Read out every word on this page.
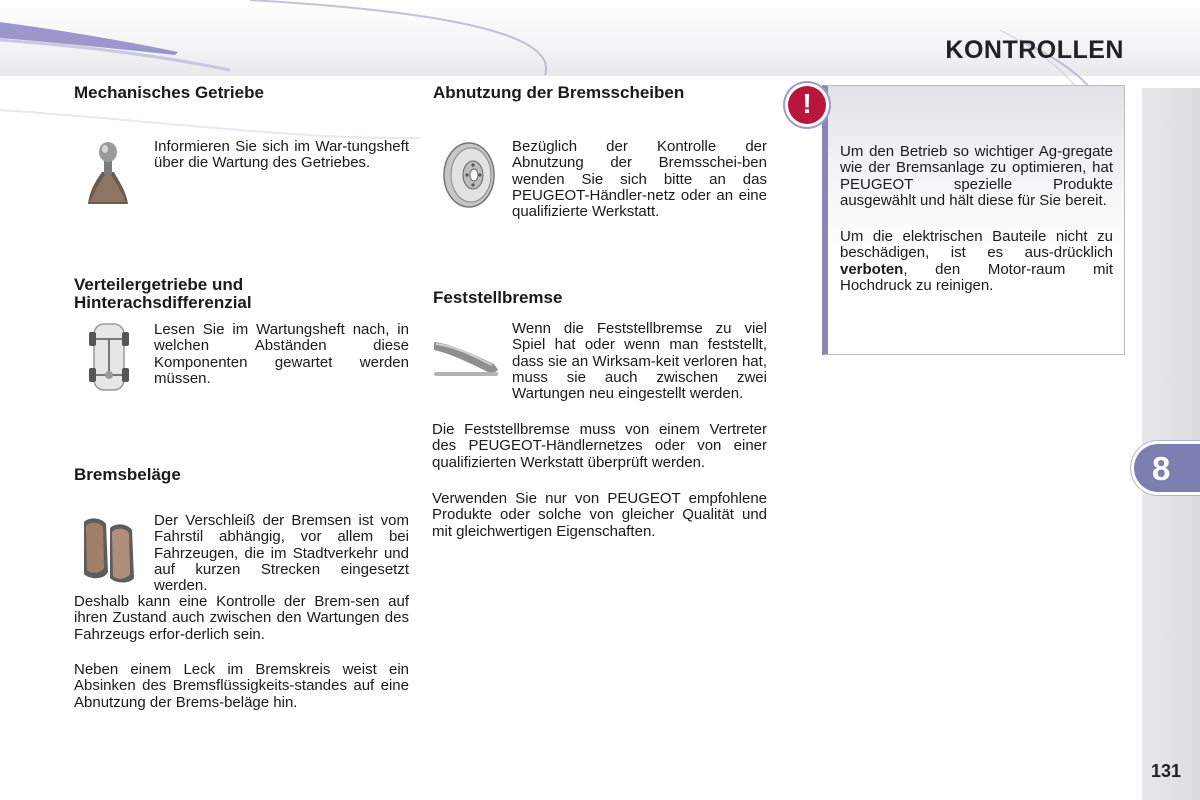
KONTROLLEN
8
131
Mechanisches Getriebe

Informieren Sie sich im War-tungsheft über die Wartung des Getriebes.

Verteilergetriebe und
Hinterachsdifferenzial

Lesen Sie im Wartungsheft nach, in welchen Abständen diese Komponenten gewartet werden müssen.

Bremsbeläge

Der Verschleiß der Bremsen ist vom Fahrstil abhängig, vor allem bei Fahrzeugen, die im Stadtverkehr und auf kurzen Strecken eingesetzt werden.

Deshalb kann eine Kontrolle der Brem-sen auf ihren Zustand auch zwischen den Wartungen des Fahrzeugs erfor-derlich sein.

Neben einem Leck im Bremskreis weist ein Absinken des Bremsflüssigkeits-standes auf eine Abnutzung der Brems-beläge hin.

Abnutzung der Bremsscheiben

Bezüglich der Kontrolle der Abnutzung der Bremsschei-ben wenden Sie sich bitte an das PEUGEOT-Händler-netz oder an eine qualifizierte Werkstatt.

Feststellbremse

Wenn die Feststellbremse zu viel Spiel hat oder wenn man feststellt, dass sie an Wirksam-keit verloren hat, muss sie auch zwischen zwei Wartungen neu eingestellt werden.

Die Feststellbremse muss von einem Vertreter des PEUGEOT-Händlernetzes oder von einer qualifizierten Werkstatt überprüft werden.

Verwenden Sie nur von PEUGEOT empfohlene Produkte oder solche von gleicher Qualität und mit gleichwertigen Eigenschaften.

!

Um den Betrieb so wichtiger Ag-gregate wie der Bremsanlage zu optimieren, hat PEUGEOT spezielle Produkte ausgewählt und hält diese für Sie bereit.

Um die elektrischen Bauteile nicht zu beschädigen, ist es aus-drücklich verboten, den Motor-raum mit Hochdruck zu reinigen.
